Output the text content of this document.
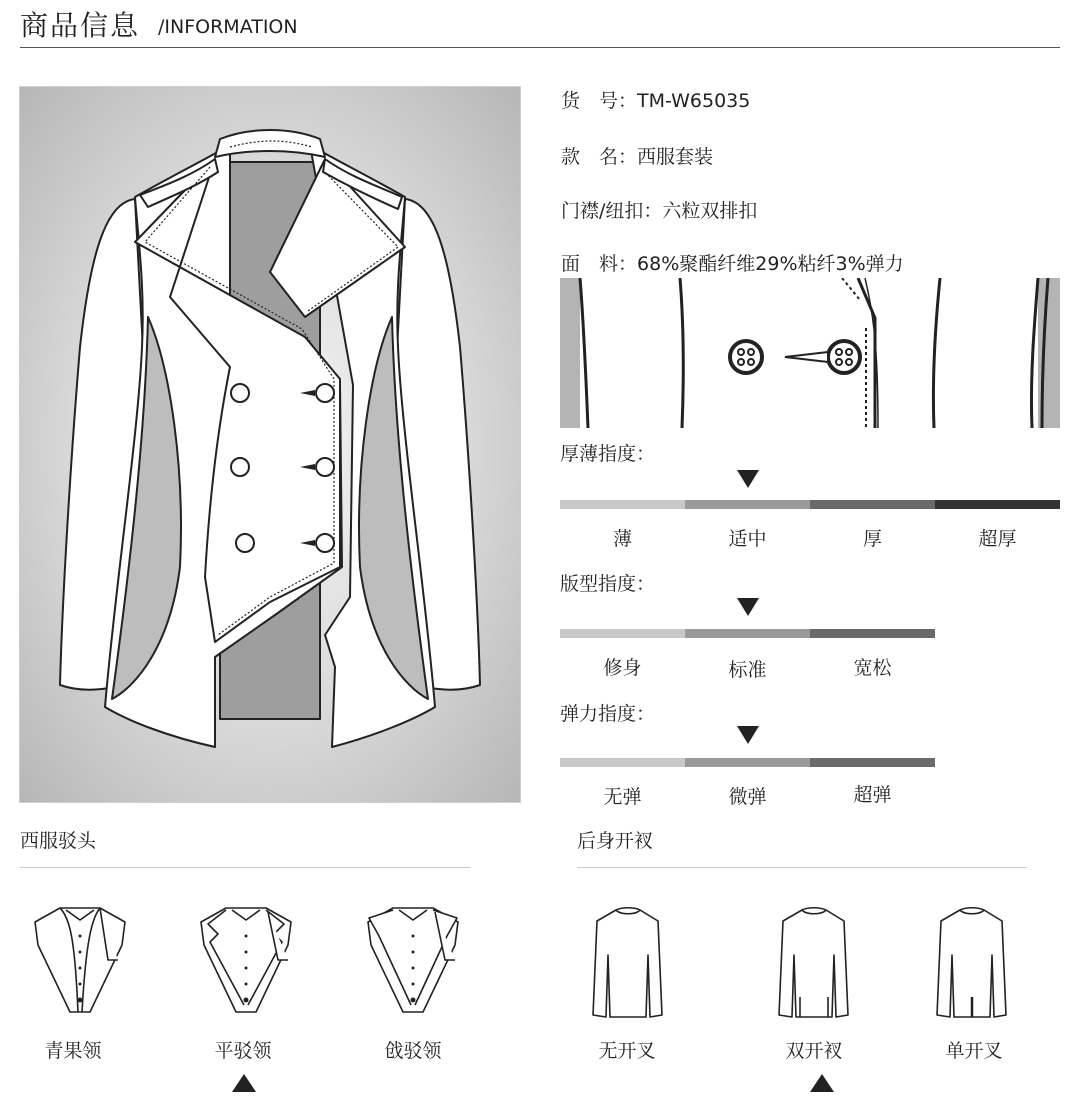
商品信息 /INFORMATION
货　号：TM-W65035
款　名：西服套装
门襟/纽扣：六粒双排扣
面　料：68%聚酯纤维29%粘纤3%弹力
厚薄指度：
薄	适中	厚	超厚
版型指度：
修身	标准	宽松
弹力指度：
无弹	微弹	超弹
西服驳头
青果领	平驳领	戗驳领
后身开衩
无开叉	双开衩	单开叉
